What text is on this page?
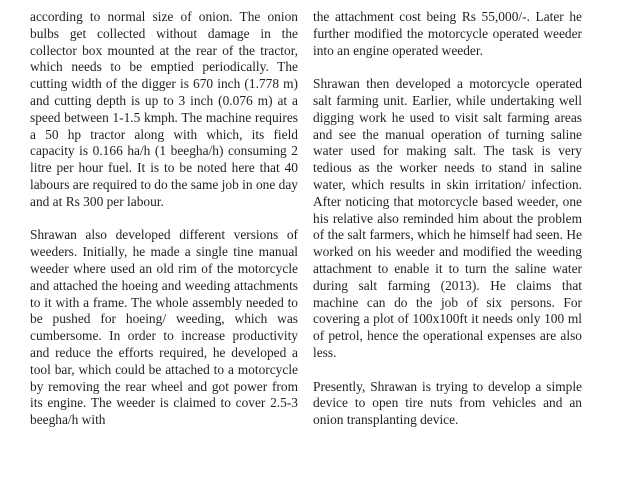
according to normal size of onion. The onion bulbs get collected without damage in the collector box mounted at the rear of the tractor, which needs to be emptied periodically. The cutting width of the digger is 670 inch (1.778 m) and cutting depth is up to 3 inch (0.076 m) at a speed between 1-1.5 kmph. The machine requires a 50 hp tractor along with which, its field capacity is 0.166 ha/h (1 beegha/h) consuming 2 litre per hour fuel. It is to be noted here that 40 labours are required to do the same job in one day and at Rs 300 per labour.

Shrawan also developed different versions of weeders. Initially, he made a single tine manual weeder where used an old rim of the motorcycle and attached the hoeing and weeding attachments to it with a frame. The whole assembly needed to be pushed for hoeing/ weeding, which was cumbersome. In order to increase productivity and reduce the efforts required, he developed a tool bar, which could be attached to a motorcycle by removing the rear wheel and got power from its engine. The weeder is claimed to cover 2.5-3 beegha/h with

the attachment cost being Rs 55,000/-. Later he further modified the motorcycle operated weeder into an engine operated weeder.

Shrawan then developed a motorcycle operated salt farming unit. Earlier, while undertaking well digging work he used to visit salt farming areas and see the manual operation of turning saline water used for making salt. The task is very tedious as the worker needs to stand in saline water, which results in skin irritation/ infection. After noticing that motorcycle based weeder, one his relative also reminded him about the problem of the salt farmers, which he himself had seen. He worked on his weeder and modified the weeding attachment to enable it to turn the saline water during salt farming (2013). He claims that machine can do the job of six persons. For covering a plot of 100x100ft it needs only 100 ml of petrol, hence the operational expenses are also less.

Presently, Shrawan is trying to develop a simple device to open tire nuts from vehicles and an onion transplanting device.
